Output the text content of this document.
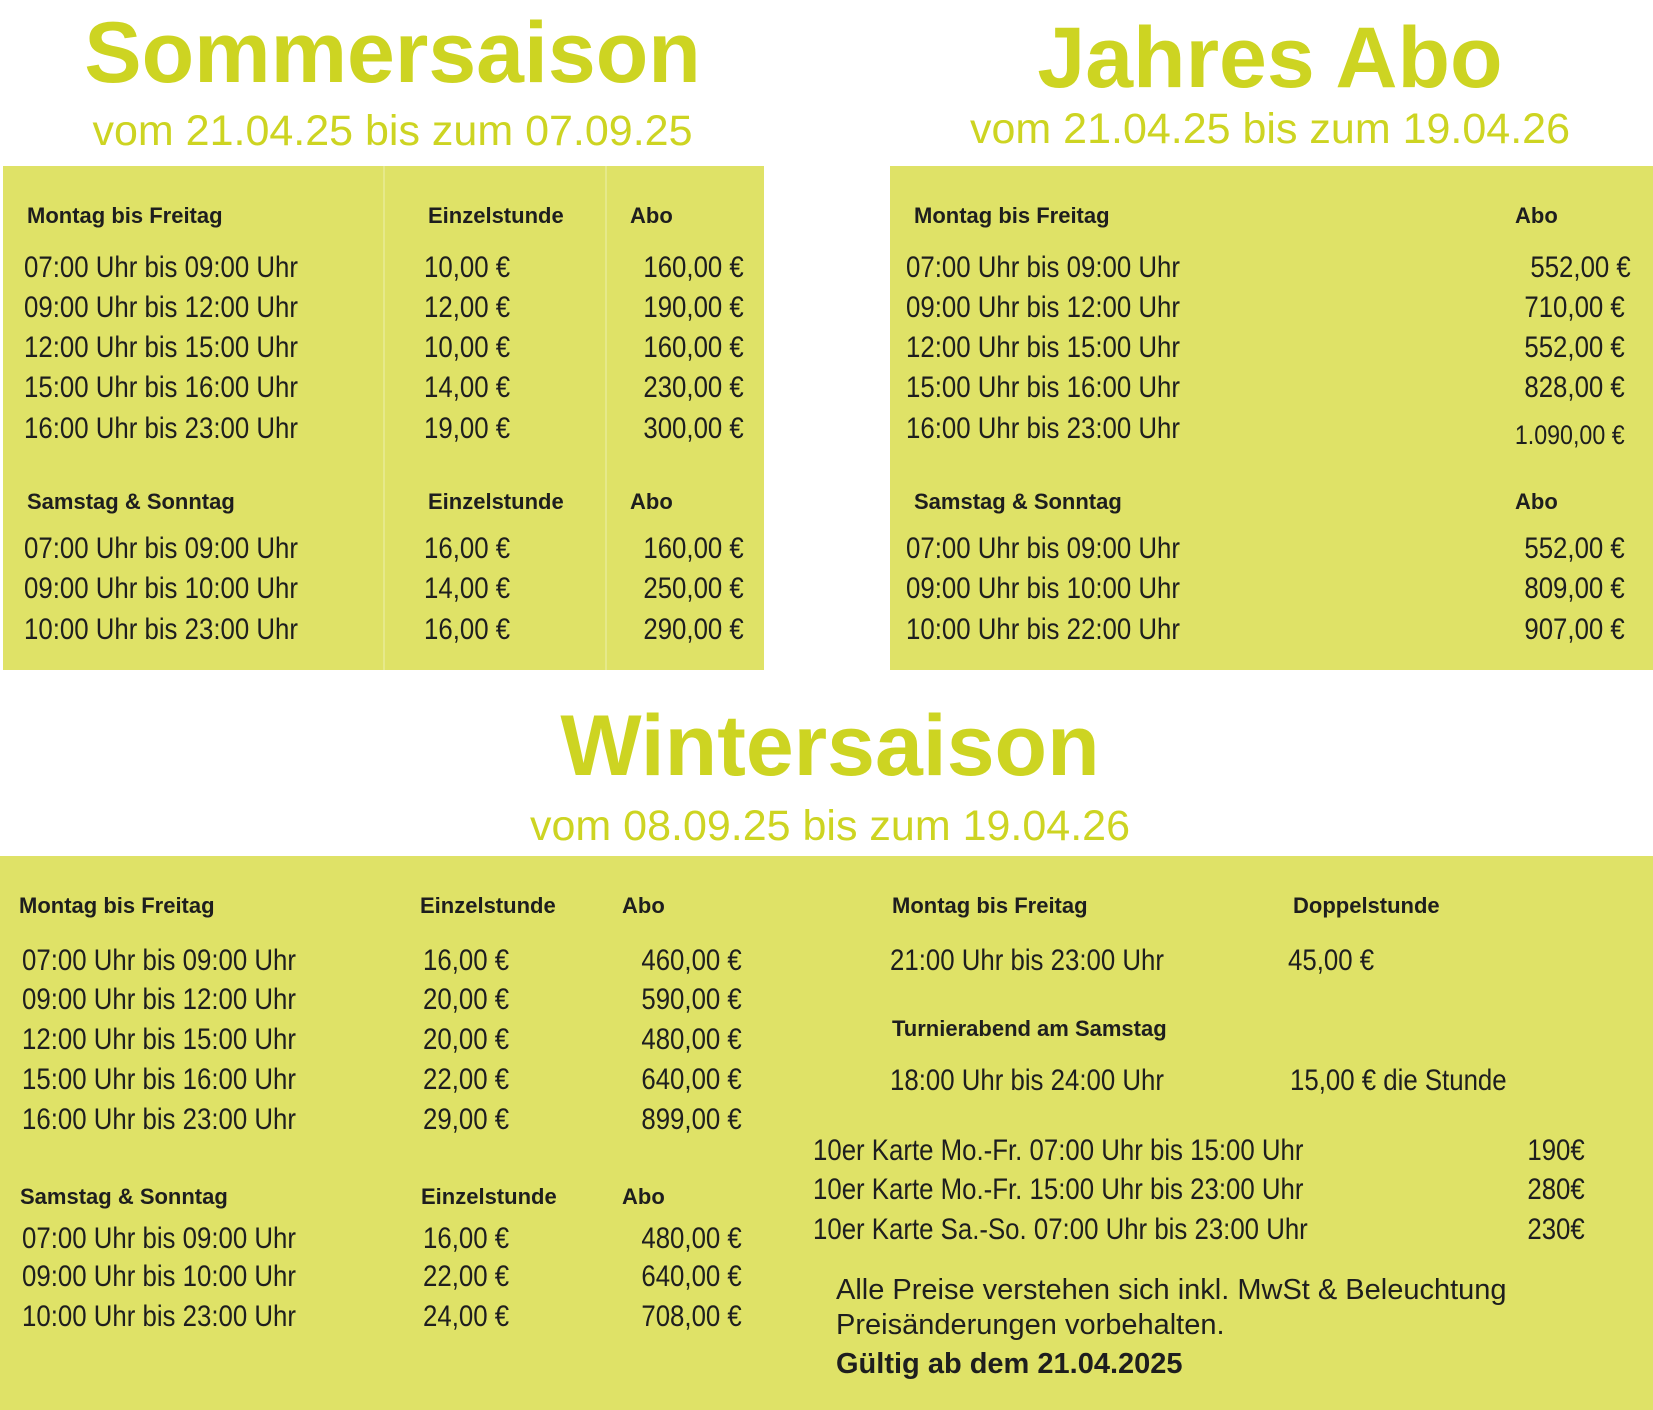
Sommersaison
vom 21.04.25 bis zum 07.09.25
Montag bis Freitag	Einzelstunde	Abo
07:00 Uhr bis 09:00 Uhr	10,00 €	160,00 €
09:00 Uhr bis 12:00 Uhr	12,00 €	190,00 €
12:00 Uhr bis 15:00 Uhr	10,00 €	160,00 €
15:00 Uhr bis 16:00 Uhr	14,00 €	230,00 €
16:00 Uhr bis 23:00 Uhr	19,00 €	300,00 €
Samstag & Sonntag	Einzelstunde	Abo
07:00 Uhr bis 09:00 Uhr	16,00 €	160,00 €
09:00 Uhr bis 10:00 Uhr	14,00 €	250,00 €
10:00 Uhr bis 23:00 Uhr	16,00 €	290,00 €
Jahres Abo
vom 21.04.25 bis zum 19.04.26
Montag bis Freitag	Abo
07:00 Uhr bis 09:00 Uhr	552,00 €
09:00 Uhr bis 12:00 Uhr	710,00 €
12:00 Uhr bis 15:00 Uhr	552,00 €
15:00 Uhr bis 16:00 Uhr	828,00 €
16:00 Uhr bis 23:00 Uhr	1.090,00 €
Samstag & Sonntag	Abo
07:00 Uhr bis 09:00 Uhr	552,00 €
09:00 Uhr bis 10:00 Uhr	809,00 €
10:00 Uhr bis 22:00 Uhr	907,00 €
Wintersaison
vom 08.09.25 bis zum 19.04.26
Montag bis Freitag	Einzelstunde	Abo
07:00 Uhr bis 09:00 Uhr	16,00 €	460,00 €
09:00 Uhr bis 12:00 Uhr	20,00 €	590,00 €
12:00 Uhr bis 15:00 Uhr	20,00 €	480,00 €
15:00 Uhr bis 16:00 Uhr	22,00 €	640,00 €
16:00 Uhr bis 23:00 Uhr	29,00 €	899,00 €
Samstag & Sonntag	Einzelstunde	Abo
07:00 Uhr bis 09:00 Uhr	16,00 €	480,00 €
09:00 Uhr bis 10:00 Uhr	22,00 €	640,00 €
10:00 Uhr bis 23:00 Uhr	24,00 €	708,00 €
Montag bis Freitag	Doppelstunde
21:00 Uhr bis 23:00 Uhr	45,00 €
Turnierabend am Samstag
18:00 Uhr bis 24:00 Uhr	15,00 € die Stunde
10er Karte Mo.-Fr. 07:00 Uhr bis 15:00 Uhr	190€
10er Karte Mo.-Fr. 15:00 Uhr bis 23:00 Uhr	280€
10er Karte Sa.-So. 07:00 Uhr bis 23:00 Uhr	230€
Alle Preise verstehen sich inkl. MwSt & Beleuchtung
Preisänderungen vorbehalten.
Gültig ab dem 21.04.2025
